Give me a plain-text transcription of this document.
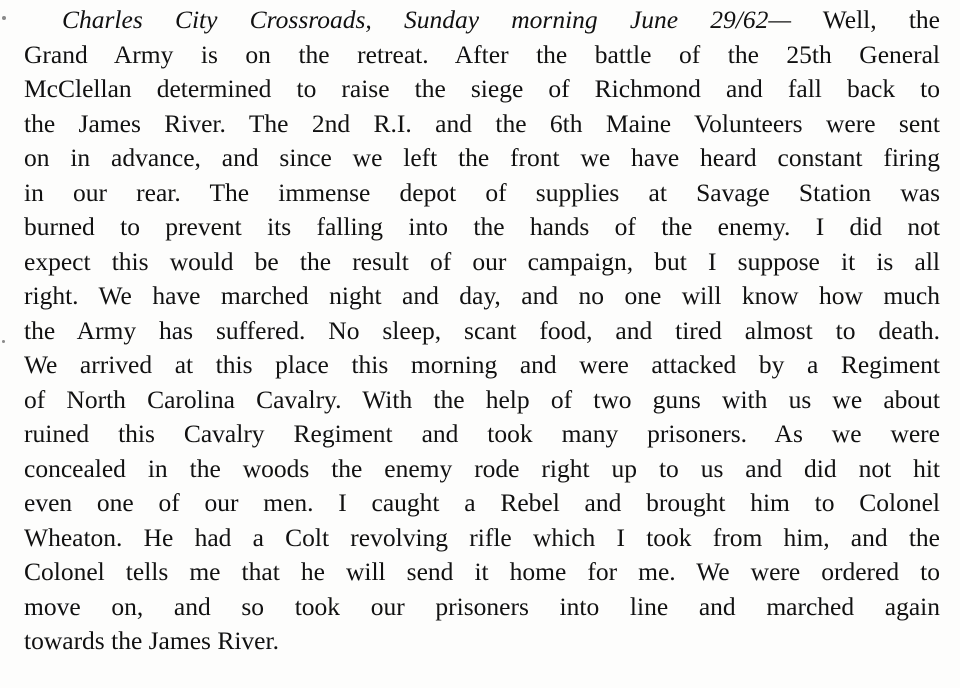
Charles City Crossroads, Sunday morning June 29/62— Well, the
Grand Army is on the retreat. After the battle of the 25th General
McClellan determined to raise the siege of Richmond and fall back to
the James River. The 2nd R.I. and the 6th Maine Volunteers were sent
on in advance, and since we left the front we have heard constant firing
in our rear. The immense depot of supplies at Savage Station was
burned to prevent its falling into the hands of the enemy. I did not
expect this would be the result of our campaign, but I suppose it is all
right. We have marched night and day, and no one will know how much
the Army has suffered. No sleep, scant food, and tired almost to death.
We arrived at this place this morning and were attacked by a Regiment
of North Carolina Cavalry. With the help of two guns with us we about
ruined this Cavalry Regiment and took many prisoners. As we were
concealed in the woods the enemy rode right up to us and did not hit
even one of our men. I caught a Rebel and brought him to Colonel
Wheaton. He had a Colt revolving rifle which I took from him, and the
Colonel tells me that he will send it home for me. We were ordered to
move on, and so took our prisoners into line and marched again
towards the James River.
